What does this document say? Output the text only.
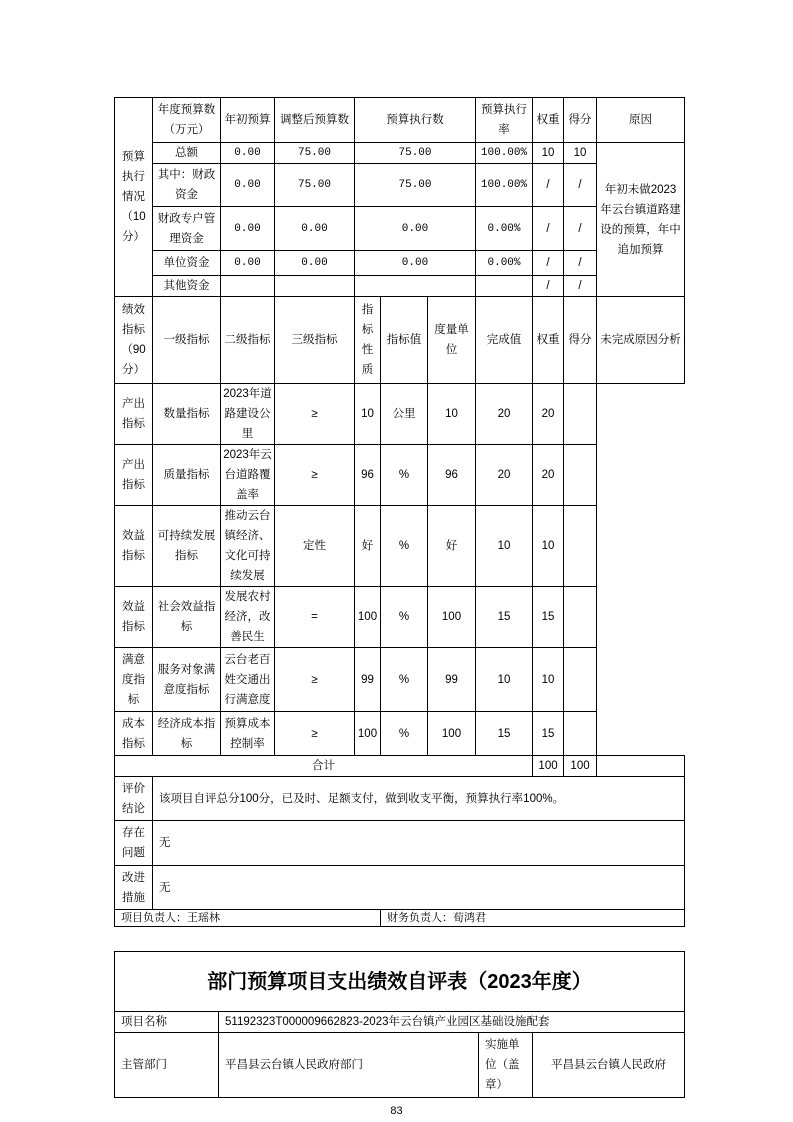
预算执行情况（10分）	年度预算数（万元）	年初预算	调整后预算数	预算执行数			预算执行率	权重	得分	原因
	总额	0.00	75.00	75.00			100.00%	10	10	年初未做2023年云台镇道路建设的预算，年中追加预算
	其中：财政资金	0.00	75.00	75.00			100.00%	/	/	
	财政专户管理资金	0.00	0.00	0.00			0.00%	/	/	
	单位资金	0.00	0.00	0.00			0.00%	/	/	
	其他资金							/	/	
绩效指标（90分）	一级指标	二级指标	三级指标	指标性质	指标值	度量单位	完成值	权重	得分	未完成原因分析
产出指标	数量指标	2023年道路建设公里	≥	10	公里	10	20	20		
产出指标	质量指标	2023年云台道路覆盖率	≥	96	%	96	20	20		
效益指标	可持续发展指标	推动云台镇经济、文化可持续发展	定性	好	%	好	10	10		
效益指标	社会效益指标	发展农村经济，改善民生	=	100	%	100	15	15		
满意度指标	服务对象满意度指标	云台老百姓交通出行满意度	≥	99	%	99	10	10		
成本指标	经济成本指标	预算成本控制率	≥	100	%	100	15	15		
合计								100	100	
评价结论	该项目自评总分100分，已及时、足额支付，做到收支平衡，预算执行率100%。									
存在问题	无									
改进措施	无									
项目负责人：王瑶林					财务负责人：荀鸿君					
部门预算项目支出绩效自评表（2023年度）			
项目名称	51192323T000009662823-2023年云台镇产业园区基础设施配套		
主管部门	平昌县云台镇人民政府部门	实施单位（盖章）	平昌县云台镇人民政府
83
